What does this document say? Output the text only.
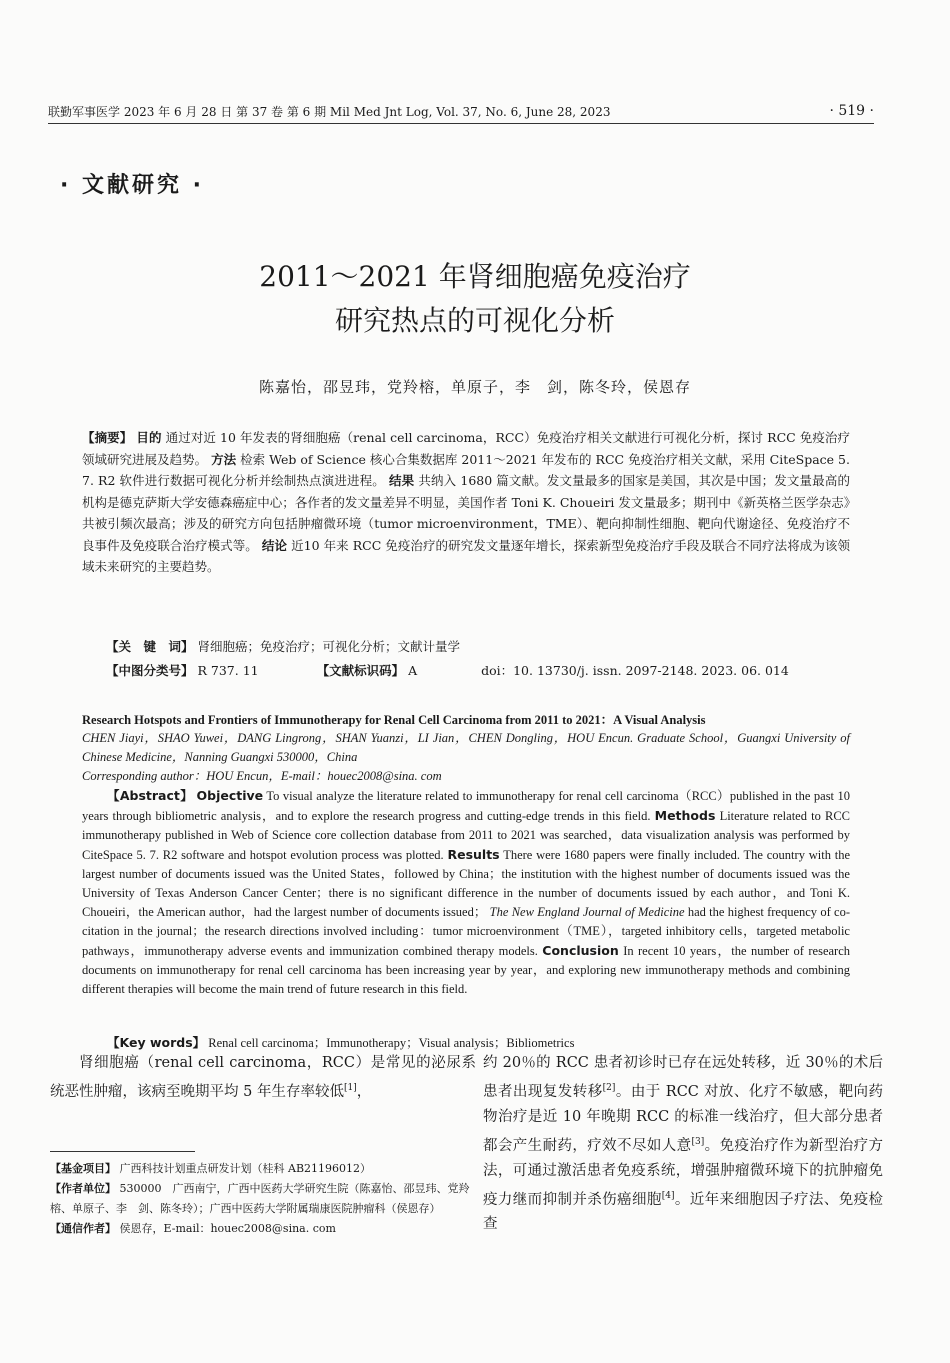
联勤军事医学 2023 年 6 月 28 日 第 37 卷 第 6 期 Mil Med Jnt Log, Vol. 37, No. 6, June 28, 2023	· 519 ·
· 文献研究 ·
2011～2021 年肾细胞癌免疫治疗
研究热点的可视化分析
陈嘉怡，邵昱玮，党羚榕，单原子，李　剑，陈冬玲，侯恩存
【摘要】 目的 通过对近 10 年发表的肾细胞癌（renal cell carcinoma，RCC）免疫治疗相关文献进行可视化分析，探讨 RCC 免疫治疗领域研究进展及趋势。 方法 检索 Web of Science 核心合集数据库 2011～2021 年发布的 RCC 免疫治疗相关文献，采用 CiteSpace 5. 7. R2 软件进行数据可视化分析并绘制热点演进进程。 结果 共纳入 1680 篇文献。发文量最多的国家是美国，其次是中国；发文量最高的机构是德克萨斯大学安德森癌症中心；各作者的发文量差异不明显，美国作者 Toni K. Choueiri 发文量最多；期刊中《新英格兰医学杂志》共被引频次最高；涉及的研究方向包括肿瘤微环境（tumor microenvironment，TME）、靶向抑制性细胞、靶向代谢途径、免疫治疗不良事件及免疫联合治疗模式等。 结论 近10 年来 RCC 免疫治疗的研究发文量逐年增长，探索新型免疫治疗手段及联合不同疗法将成为该领域未来研究的主要趋势。
【关　键　词】 肾细胞癌；免疫治疗；可视化分析；文献计量学
【中图分类号】 R 737. 11	【文献标识码】 A	doi：10. 13730/j. issn. 2097-2148. 2023. 06. 014
Research Hotspots and Frontiers of Immunotherapy for Renal Cell Carcinoma from 2011 to 2021：A Visual Analysis
CHEN Jiayi，SHAO Yuwei，DANG Lingrong，SHAN Yuanzi，LI Jian，CHEN Dongling，HOU Encun. Graduate School，Guangxi University of Chinese Medicine，Nanning Guangxi 530000，China
Corresponding author：HOU Encun，E-mail：houec2008@sina. com
【Abstract】 Objective To visual analyze the literature related to immunotherapy for renal cell carcinoma（RCC）published in the past 10 years through bibliometric analysis，and to explore the research progress and cutting-edge trends in this field. Methods Literature related to RCC immunotherapy published in Web of Science core collection database from 2011 to 2021 was searched，data visualization analysis was performed by CiteSpace 5. 7. R2 software and hotspot evolution process was plotted. Results There were 1680 papers were finally included. The country with the largest number of documents issued was the United States，followed by China；the institution with the highest number of documents issued was the University of Texas Anderson Cancer Center；there is no significant difference in the number of documents issued by each author，and Toni K. Choueiri，the American author，had the largest number of documents issued； The New England Journal of Medicine had the highest frequency of co-citation in the journal；the research directions involved including：tumor microenvironment（TME），targeted inhibitory cells，targeted metabolic pathways，immunotherapy adverse events and immunization combined therapy models. Conclusion In recent 10 years，the number of research documents on immunotherapy for renal cell carcinoma has been increasing year by year，and exploring new immunotherapy methods and combining different therapies will become the main trend of future research in this field.
【Key words】 Renal cell carcinoma；Immunotherapy；Visual analysis；Bibliometrics
肾细胞癌（renal cell carcinoma，RCC）是常见的泌尿系统恶性肿瘤，该病至晚期平均 5 年生存率较低[1]，
【基金项目】 广西科技计划重点研发计划（桂科 AB21196012）
【作者单位】 530000　广西南宁，广西中医药大学研究生院（陈嘉怡、邵昱玮、党羚榕、单原子、李　剑、陈冬玲）；广西中医药大学附属瑞康医院肿瘤科（侯恩存）
【通信作者】 侯恩存，E-mail：houec2008@sina. com
约 20％的 RCC 患者初诊时已存在远处转移，近 30％的术后患者出现复发转移[2]。由于 RCC 对放、化疗不敏感，靶向药物治疗是近 10 年晚期 RCC 的标准一线治疗，但大部分患者都会产生耐药，疗效不尽如人意[3]。免疫治疗作为新型治疗方法，可通过激活患者免疫系统，增强肿瘤微环境下的抗肿瘤免疫力继而抑制并杀伤癌细胞[4]。近年来细胞因子疗法、免疫检查
